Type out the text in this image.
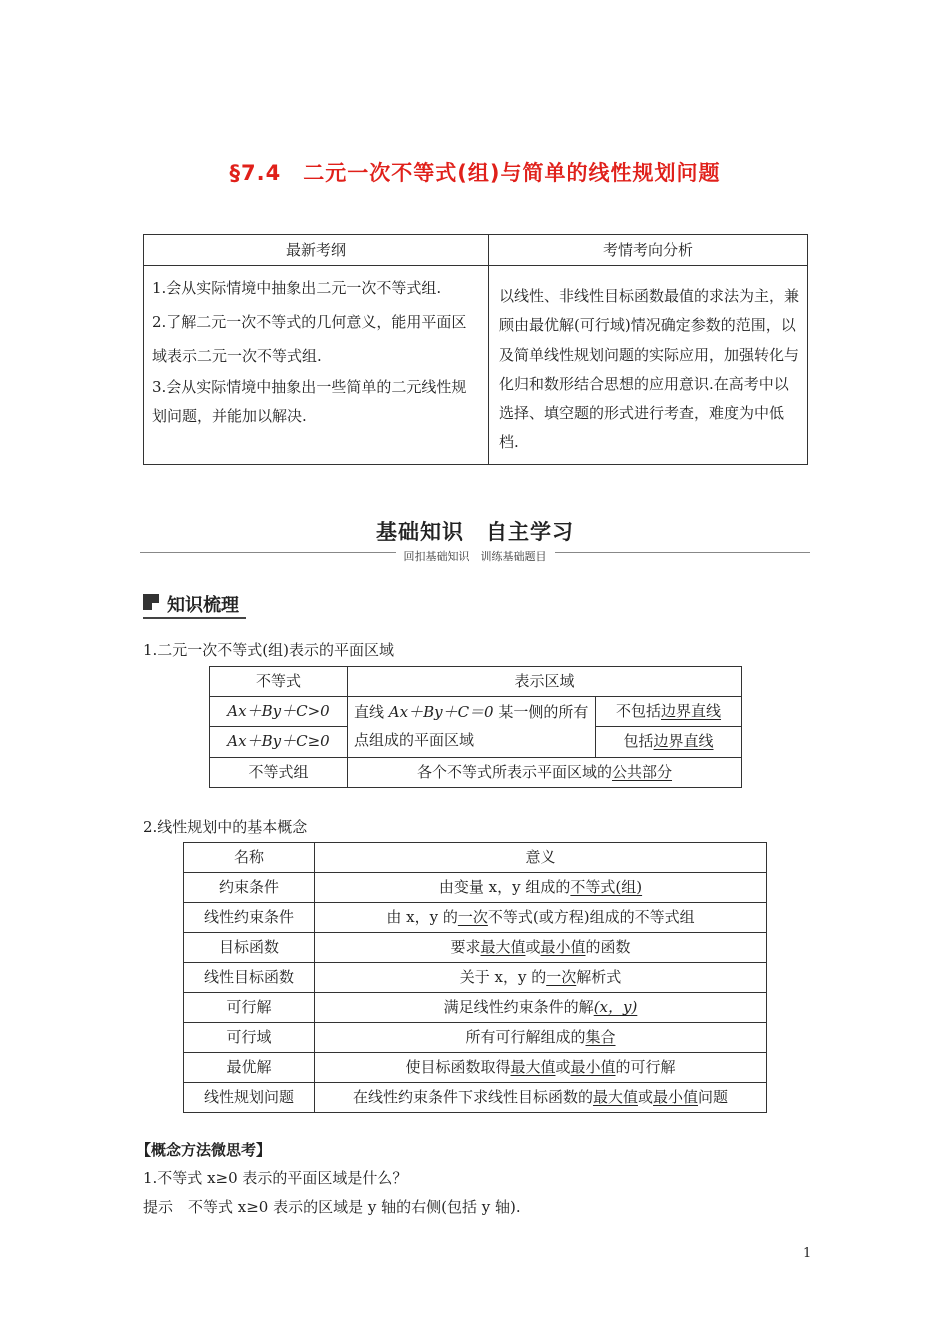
§7.4　二元一次不等式(组)与简单的线性规划问题
最新考纲	考情考向分析

1.会从实际情境中抽象出二元一次不等式组.

2.了解二元一次不等式的几何意义，能用平面区域表示二元一次不等式组.

3.会从实际情境中抽象出一些简单的二元线性规划问题，并能加以解决.	以线性、非线性目标函数最值的求法为主，兼顾由最优解(可行域)情况确定参数的范围，以及简单线性规划问题的实际应用，加强转化与化归和数形结合思想的应用意识.在高考中以选择、填空题的形式进行考查，难度为中低档.
基础知识　自主学习
回扣基础知识　训练基础题目
知识梳理
1.二元一次不等式(组)表示的平面区域
不等式	表示区域	
Ax＋By＋C>0	直线 Ax＋By＋C＝0 某一侧的所有点组成的平面区域	不包括边界直线
Ax＋By＋C≥0		包括边界直线
不等式组	各个不等式所表示平面区域的公共部分	
2.线性规划中的基本概念
名称	意义
约束条件	由变量 x，y 组成的不等式(组)
线性约束条件	由 x，y 的一次不等式(或方程)组成的不等式组
目标函数	要求最大值或最小值的函数
线性目标函数	关于 x，y 的一次解析式
可行解	满足线性约束条件的解(x，y)
可行域	所有可行解组成的集合
最优解	使目标函数取得最大值或最小值的可行解
线性规划问题	在线性约束条件下求线性目标函数的最大值或最小值问题
【概念方法微思考】
1.不等式 x≥0 表示的平面区域是什么？
提示　不等式 x≥0 表示的区域是 y 轴的右侧(包括 y 轴).
1
